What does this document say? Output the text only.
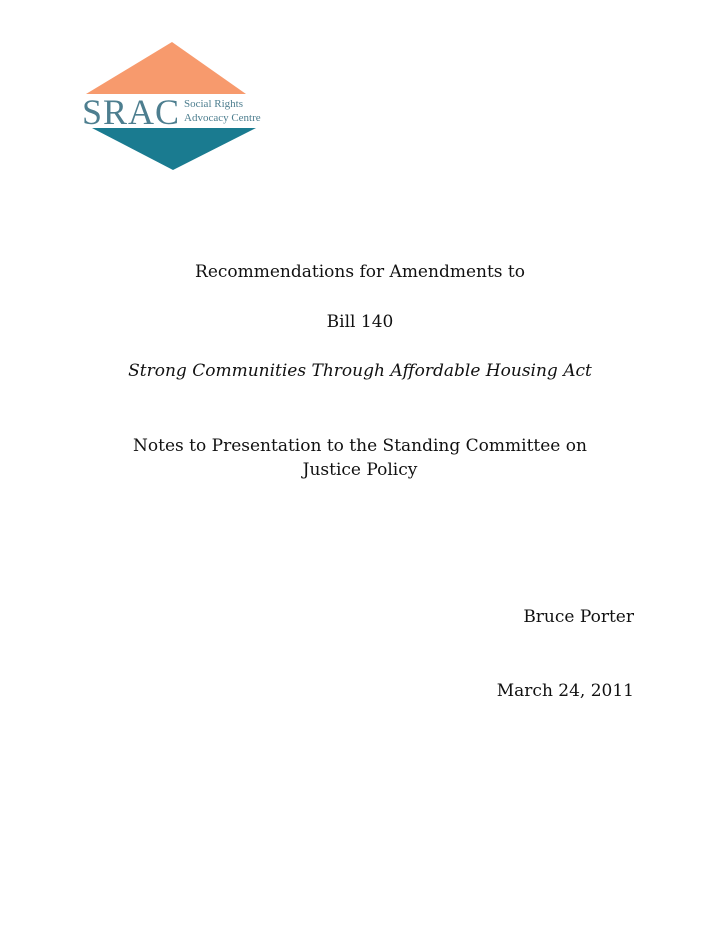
SRAC Social Rights
Advocacy Centre
Recommendations for Amendments to
Bill 140
Strong Communities Through Affordable Housing Act
Notes to Presentation to the Standing Committee on
Justice Policy
Bruce Porter
March 24, 2011
